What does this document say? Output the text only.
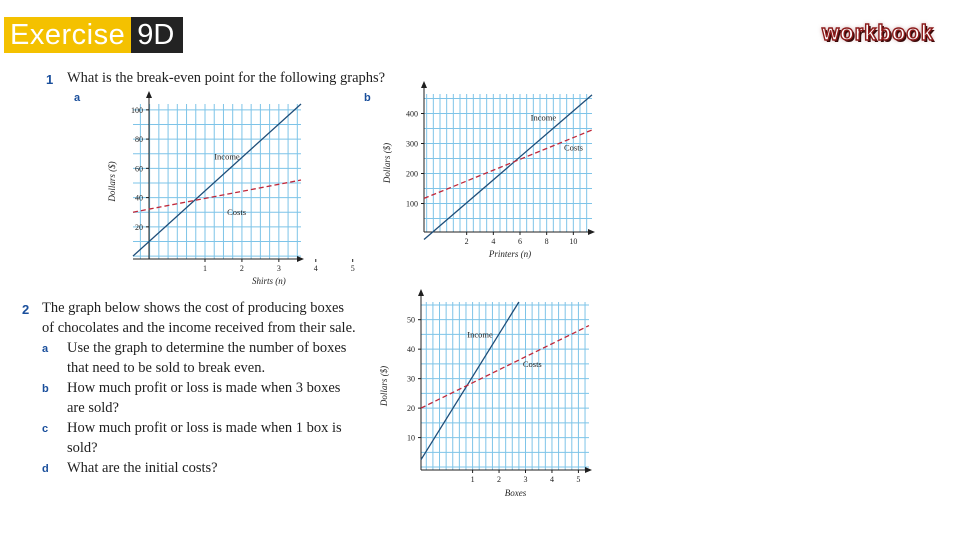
Exercise 9D	workbook
1 What is the break-even point for the following graphs?
a	b
1	2	3	4	5
20
40
60
80
100
Shirts (n)
Dollars ($)
Income
Costs
2	4	6	8	10
100
200
300
400
Printers (n)
Dollars ($)
Income
Costs
2
1	2	3	4	5
10
20
30
40
50
Boxes
Dollars ($)
Income
Costs
The graph below shows the cost of producing boxes
of chocolates and the income received from their sale.
a Use the graph to determine the number of boxes
that need to be sold to break even.
b How much profit or loss is made when 3 boxes
are sold?
c How much profit or loss is made when 1 box is
sold?
d What are the initial costs?
